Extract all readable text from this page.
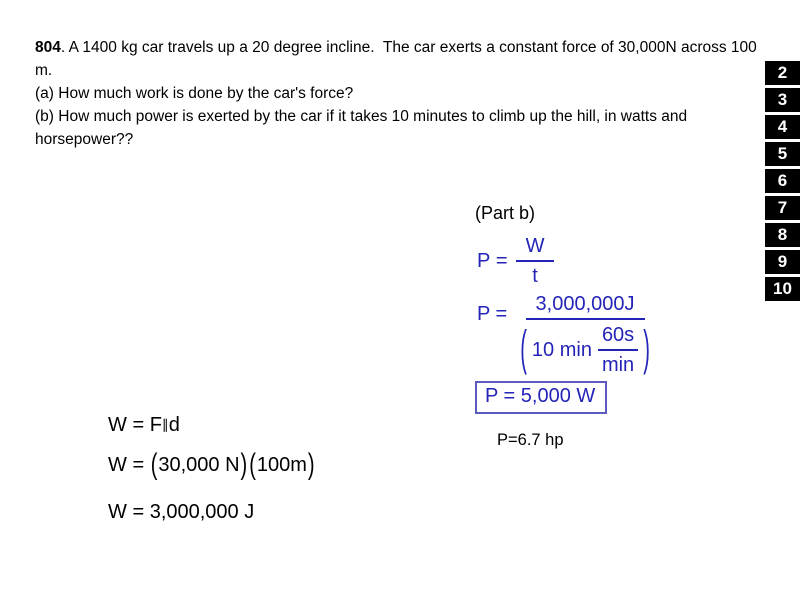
804. A 1400 kg car travels up a 20 degree incline.  The car exerts a constant force of 30,000N across 100 m.
(a) How much work is done by the car's force?
(b) How much power is exerted by the car if it takes 10 minutes to climb up the hill, in watts and horsepower??
2
3
4
5
6
7
8
9
10
(Part b)
P
= $\frac{W}{t}$
P =	3,000,000J
( 10 $\min \frac{60s}{\min}$ )
P = 5,000 W
P=6.7 hp
W
=
F ∥ d
W
=
( 30,000 N ) ( 100m )
W
=
3,000,000 J
